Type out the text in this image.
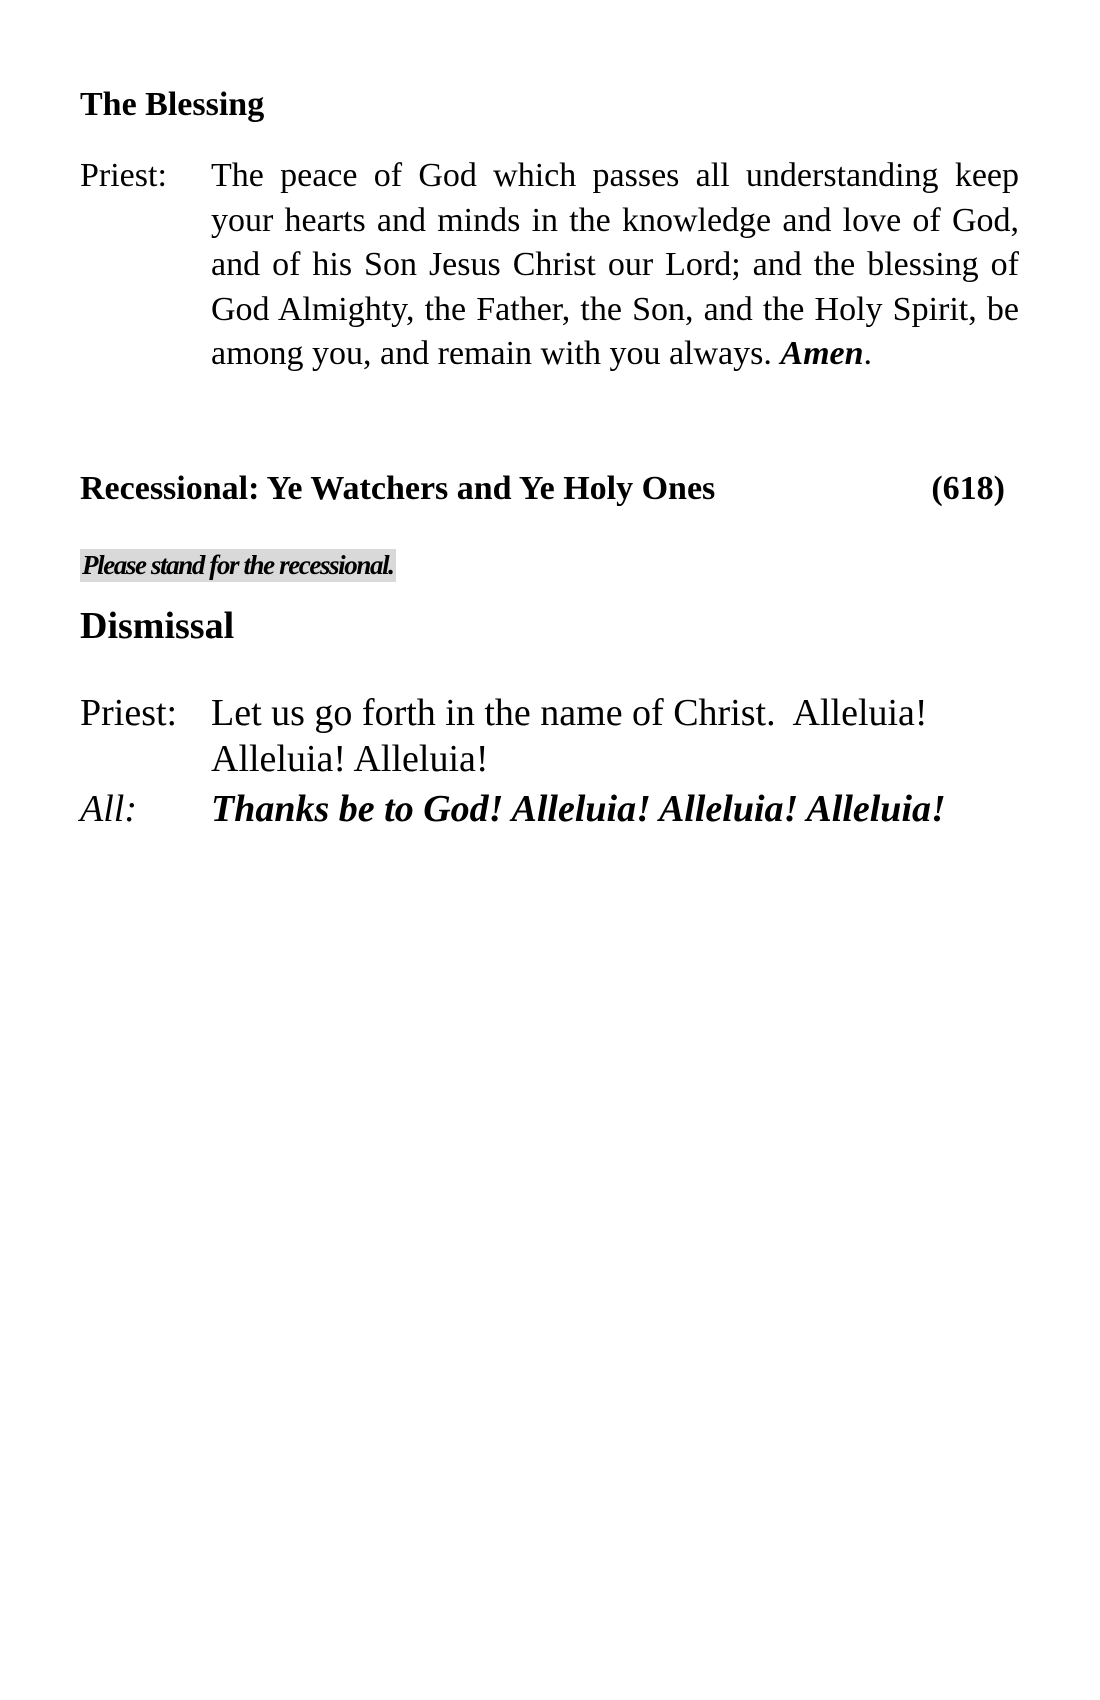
The Blessing
Priest: The peace of God which passes all understanding keep your hearts and minds in the knowledge and love of God, and of his Son Jesus Christ our Lord; and the blessing of God Almighty, the Father, the Son, and the Holy Spirit, be among you, and remain with you always. Amen.
Recessional: Ye Watchers and Ye Holy Ones	(618)
Please stand for the recessional.
Dismissal
Priest: Let us go forth in the name of Christ.  Alleluia!
Alleluia! Alleluia!
All: Thanks be to God! Alleluia! Alleluia! Alleluia!
